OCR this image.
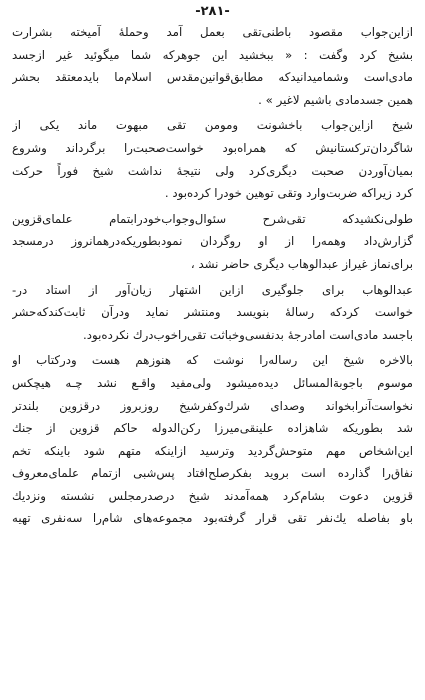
-۲۸۱-
ازاین‌جواب مقصود باطنی‌تقی بعمل آمد وحملهٔ آمیخته بشرارت
بشیخ کرد وگفت : « ببخشید این جوهرکه شما میگوئید غیر ازجسد
مادی‌است وشمامیدانیدکه مطابق‌قوانین‌مقدس اسلام‌ما بایدمعتقد بحشر
همین جسدمادی باشیم لاغیر » .
شیخ ازاین‌جواب باخشونت ومومن تقی مبهوت ماند یکی از
شاگردان‌ترکستانیش که همراه‌بود خواست‌صحبت‌را برگرداند وشروع
بمیان‌آوردن صحبت دیگری‌کرد ولی نتیجهٔ نداشت شیخ فوراً حرکت
کرد زیراکه ضربت‌وارد وتقی توهین خودرا کرده‌بود .
طولی‌نکشیدکه تقی‌شرح سئوال‌وجواب‌خودرا‌بتمام علمای‌قزوین
گزارش‌داد وهمه‌را از او روگردان نمودبطوریکه‌درهمانروز درمسجد
برای‌نماز غیراز عبدالوهاب دیگری حاضر نشد ،
عبدالوهاب برای جلوگیری ازاین اشتهار زیان‌آور از استاد در-
خواست کردکه رسالهٔ بنویسد ومنتشر نماید ودرآن ثابت‌کندکه‌حشر
باجسد مادی‌است امادرجهٔ بدنفسی‌وخباثت تقی‌راخوب‌درك نکرده‌بود.
بالاخره شیخ این رساله‌را نوشت که هنوزهم هست ودرکتاب او
موسوم باجوبةالمسائل دیده‌میشود ولی‌مفید واقـع نشد چـه هیچکس
نخواست‌آنرابخواند وصدای شرك‌وکفرشیخ روزبروز درقزوین بلندتر
شد بطوریکه شاهزاده علینقی‌میرزا رکن‌الدوله حاکم قزوین از جنك
این‌اشخاص مهم متوحش‌گردید وترسید ازاینکه متهم شود باینکه تخم
نفاق‌را گذارده است برويد بفکرصلح‌افتاد پس‌شبی ازتمام علمای‌معروف
قزوین دعوت بشام‌کرد همه‌آمدند شیخ درصدرمجلس نشسته ونزدیك
باو بفاصله یك‌نفر تقی قرار گرفته‌بود مجموعه‌های شام‌را سه‌نفری تهیه
